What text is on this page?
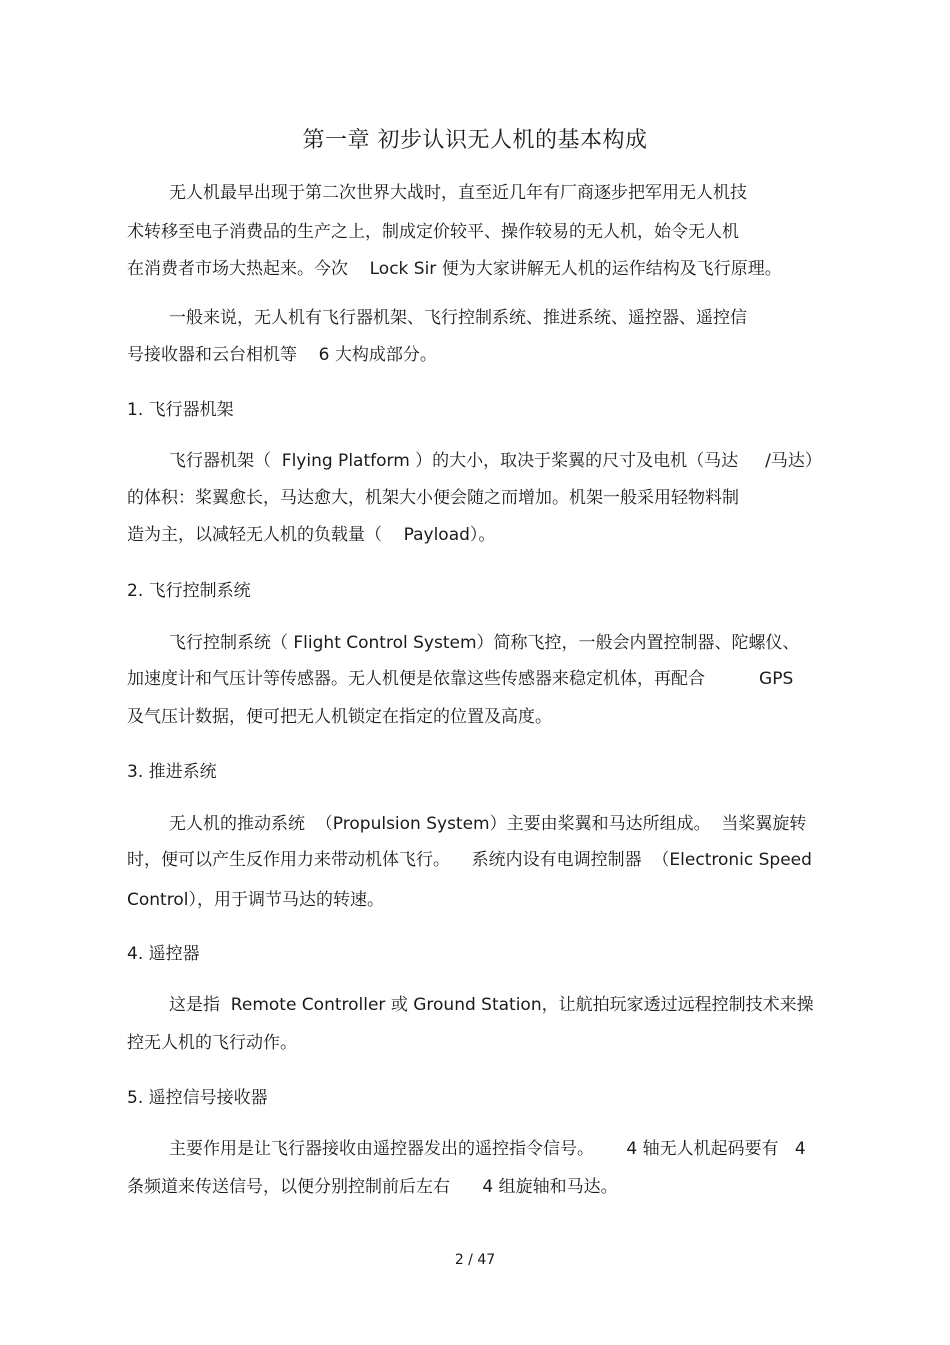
第一章 初步认识无人机的基本构成
无人机最早出现于第二次世界大战时，直至近几年有厂商逐步把军用无人机技
术转移至电子消费品的生产之上，制成定价较平、操作较易的无人机，始令无人机
在消费者市场大热起来。今次    Lock Sir 便为大家讲解无人机的运作结构及飞行原理。
一般来说，无人机有飞行器机架、飞行控制系统、推进系统、遥控器、遥控信
号接收器和云台相机等    6 大构成部分。
1. 飞行器机架
飞行器机架（  Flying Platform ）的大小，取决于桨翼的尺寸及电机（马达     /马达）
的体积：桨翼愈长，马达愈大，机架大小便会随之而增加。机架一般采用轻物料制
造为主，以减轻无人机的负载量（    Payload）。
2. 飞行控制系统
飞行控制系统（ Flight Control System）简称飞控，一般会内置控制器、陀螺仪、
加速度计和气压计等传感器。无人机便是依靠这些传感器来稳定机体，再配合          GPS
及气压计数据，便可把无人机锁定在指定的位置及高度。
3. 推进系统
无人机的推动系统  （Propulsion System）主要由桨翼和马达所组成。  当桨翼旋转
时，便可以产生反作用力来带动机体飞行。    系统内设有电调控制器  （Electronic Speed
Control），用于调节马达的转速。
4. 遥控器
这是指  Remote Controller 或 Ground Station，让航拍玩家透过远程控制技术来操
控无人机的飞行动作。
5. 遥控信号接收器
主要作用是让飞行器接收由遥控器发出的遥控指令信号。      4 轴无人机起码要有   4
条频道来传送信号，以便分别控制前后左右      4 组旋轴和马达。
2 / 47
